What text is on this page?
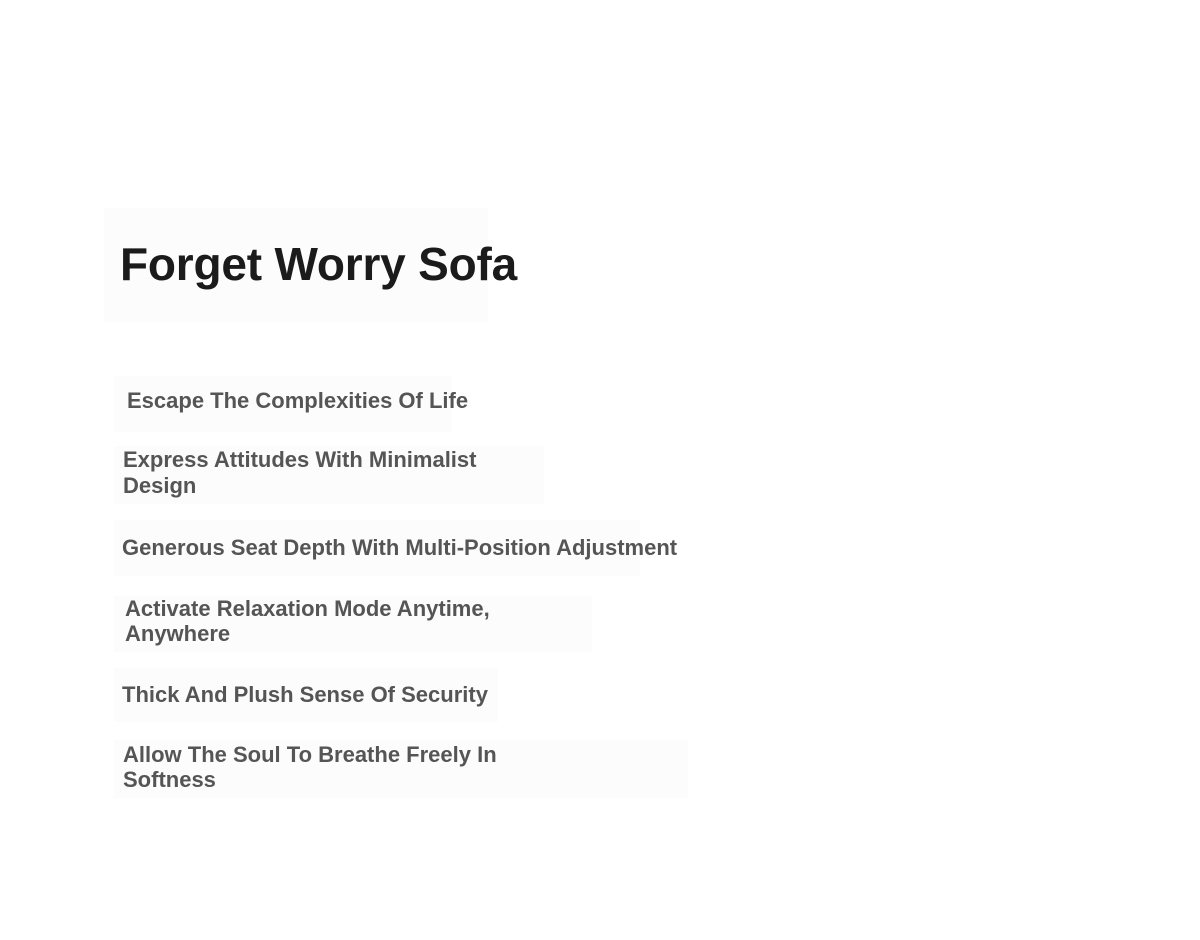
Forget Worry Sofa

Escape The Complexities Of Life

Express Attitudes With Minimalist

Design

Generous Seat Depth With Multi-Position Adjustment

Activate Relaxation Mode Anytime,

Anywhere

Thick And Plush Sense Of Security

Allow The Soul To Breathe Freely In

Softness
